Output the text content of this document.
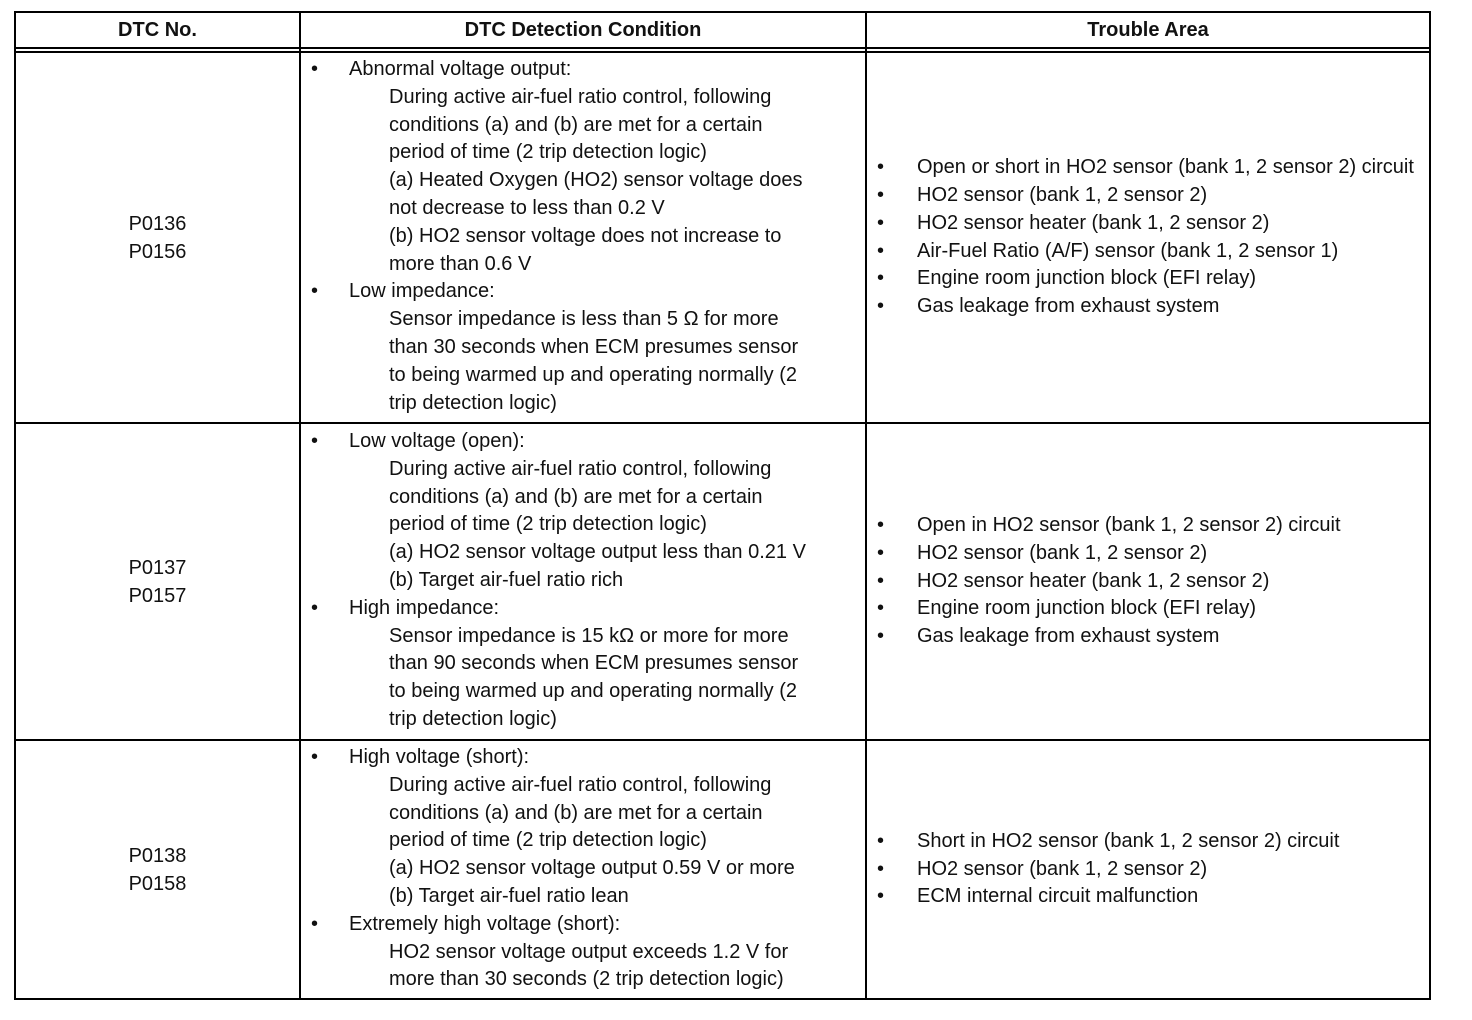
DTC No.	DTC Detection Condition	Trouble Area
P0136
P0156
• Abnormal voltage output:
During active air-fuel ratio control, following
conditions (a) and (b) are met for a certain
period of time (2 trip detection logic)
(a) Heated Oxygen (HO2) sensor voltage does
not decrease to less than 0.2 V
(b) HO2 sensor voltage does not increase to
more than 0.6 V
• Low impedance:
Sensor impedance is less than 5 Ω for more
than 30 seconds when ECM presumes sensor
to being warmed up and operating normally (2
trip detection logic)
• Open or short in HO2 sensor (bank 1, 2 sensor 2) circuit
• HO2 sensor (bank 1, 2 sensor 2)
• HO2 sensor heater (bank 1, 2 sensor 2)
• Air-Fuel Ratio (A/F) sensor (bank 1, 2 sensor 1)
• Engine room junction block (EFI relay)
• Gas leakage from exhaust system
P0137
P0157
• Low voltage (open):
During active air-fuel ratio control, following
conditions (a) and (b) are met for a certain
period of time (2 trip detection logic)
(a) HO2 sensor voltage output less than 0.21 V
(b) Target air-fuel ratio rich
• High impedance:
Sensor impedance is 15 kΩ or more for more
than 90 seconds when ECM presumes sensor
to being warmed up and operating normally (2
trip detection logic)
• Open in HO2 sensor (bank 1, 2 sensor 2) circuit
• HO2 sensor (bank 1, 2 sensor 2)
• HO2 sensor heater (bank 1, 2 sensor 2)
• Engine room junction block (EFI relay)
• Gas leakage from exhaust system
P0138
P0158
• High voltage (short):
During active air-fuel ratio control, following
conditions (a) and (b) are met for a certain
period of time (2 trip detection logic)
(a) HO2 sensor voltage output 0.59 V or more
(b) Target air-fuel ratio lean
• Extremely high voltage (short):
HO2 sensor voltage output exceeds 1.2 V for
more than 30 seconds (2 trip detection logic)
• Short in HO2 sensor (bank 1, 2 sensor 2) circuit
• HO2 sensor (bank 1, 2 sensor 2)
• ECM internal circuit malfunction
